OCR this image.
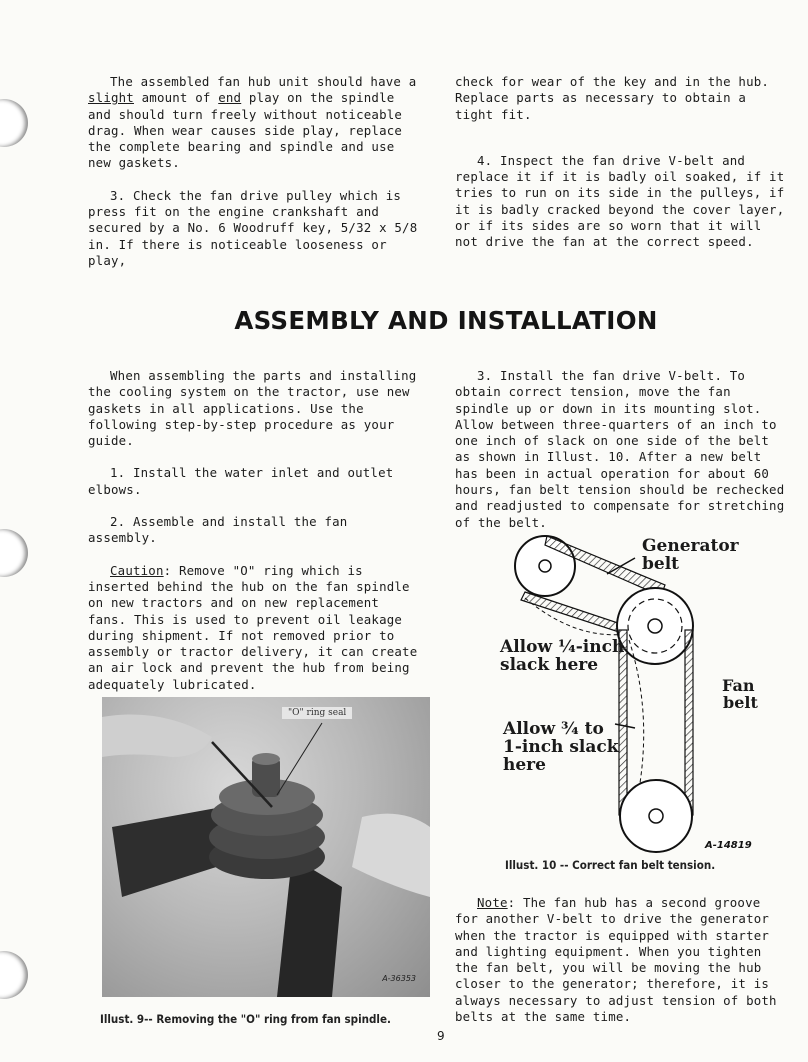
The assembled fan hub unit should have a slight amount of end play on the spindle and should turn freely without noticeable drag. When wear causes side play, replace the complete bearing and spindle and use new gaskets.

3. Check the fan drive pulley which is press fit on the engine crankshaft and secured by a No. 6 Woodruff key, 5/32 x 5/8 in. If there is noticeable looseness or play,

check for wear of the key and in the hub. Replace parts as necessary to obtain a tight fit.

4. Inspect the fan drive V-belt and replace it if it is badly oil soaked, if it tries to run on its side in the pulleys, if it is badly cracked beyond the cover layer, or if its sides are so worn that it will not drive the fan at the correct speed.

ASSEMBLY AND INSTALLATION

When assembling the parts and installing the cooling system on the tractor, use new gaskets in all applications. Use the following step-by-step procedure as your guide.

1. Install the water inlet and outlet elbows.

2. Assemble and install the fan assembly.

Caution: Remove "O" ring which is inserted behind the hub on the fan spindle on new tractors and on new replacement fans. This is used to prevent oil leakage during shipment. If not removed prior to assembly or tractor delivery, it can create an air lock and prevent the hub from being adequately lubricated.

3. Install the fan drive V-belt. To obtain correct tension, move the fan spindle up or down in its mounting slot. Allow between three-quarters of an inch to one inch of slack on one side of the belt as shown in Illust. 10. After a new belt has been in actual operation for about 60 hours, fan belt tension should be rechecked and readjusted to compensate for stretching of the belt.

Generator
belt
Allow ¼-inch
slack here
Fan
belt
Allow ¾ to
1-inch slack
here
A-14819
Illust. 10 -- Correct fan belt tension.

Note: The fan hub has a second groove for another V-belt to drive the generator when the tractor is equipped with starter and lighting equipment. When you tighten the fan belt, you will be moving the hub closer to the generator; therefore, it is always necessary to adjust tension of both belts at the same time.

"O" ring seal
A-36353
Illust. 9-- Removing the "O" ring from fan spindle.
9
